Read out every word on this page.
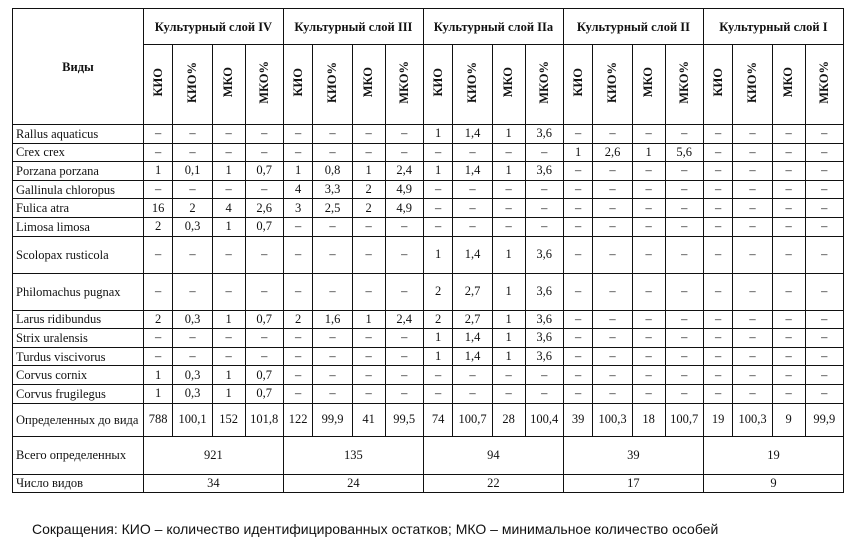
Виды	Культурный слой IV				Культурный слой III				Культурный слой IIa				Культурный слой II				Культурный слой I			
	КИО	КИО%	МКО	МКО%	КИО	КИО%	МКО	МКО%	КИО	КИО%	МКО	МКО%	КИО	КИО%	МКО	МКО%	КИО	КИО%	МКО	МКО%
Rallus aquaticus	–	–	–	–	–	–	–	–	1	1,4	1	3,6	–	–	–	–	–	–	–	–
Crex crex	–	–	–	–	–	–	–	–	–	–	–	–	1	2,6	1	5,6	–	–	–	–
Porzana porzana	1	0,1	1	0,7	1	0,8	1	2,4	1	1,4	1	3,6	–	–	–	–	–	–	–	–
Gallinula chloropus	–	–	–	–	4	3,3	2	4,9	–	–	–	–	–	–	–	–	–	–	–	–
Fulica atra	16	2	4	2,6	3	2,5	2	4,9	–	–	–	–	–	–	–	–	–	–	–	–
Limosa limosa	2	0,3	1	0,7	–	–	–	–	–	–	–	–	–	–	–	–	–	–	–	–
Scolopax rusticola	–	–	–	–	–	–	–	–	1	1,4	1	3,6	–	–	–	–	–	–	–	–
Philomachus pugnax	–	–	–	–	–	–	–	–	2	2,7	1	3,6	–	–	–	–	–	–	–	–
Larus ridibundus	2	0,3	1	0,7	2	1,6	1	2,4	2	2,7	1	3,6	–	–	–	–	–	–	–	–
Strix uralensis	–	–	–	–	–	–	–	–	1	1,4	1	3,6	–	–	–	–	–	–	–	–
Turdus viscivorus	–	–	–	–	–	–	–	–	1	1,4	1	3,6	–	–	–	–	–	–	–	–
Corvus cornix	1	0,3	1	0,7	–	–	–	–	–	–	–	–	–	–	–	–	–	–	–	–
Corvus frugilegus	1	0,3	1	0,7	–	–	–	–	–	–	–	–	–	–	–	–	–	–	–	–
Определенных до вида	788	100,1	152	101,8	122	99,9	41	99,5	74	100,7	28	100,4	39	100,3	18	100,7	19	100,3	9	99,9
Всего определенных	921				135				94				39				19			
Число видов	34				24				22				17				9			
Сокращения: КИО – количество идентифицированных остатков; МКО – минимальное количество особей
